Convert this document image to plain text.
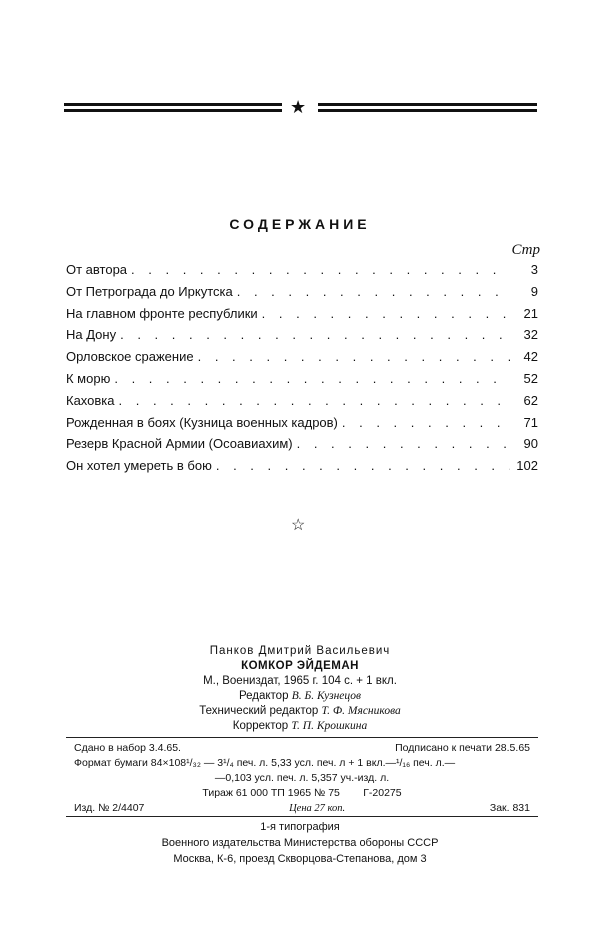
★
СОДЕРЖАНИЕ
Стр
От автора . . .	3
От Петрограда до Иркутска . . .	9
На главном фронте республики . . .	21
На Дону . . .	32
Орловское сражение . . .	42
К морю . . .	52
Каховка . . .	62
Рожденная в боях (Кузница военных кадров) . . .	71
Резерв Красной Армии (Осоавиахим) . . .	90
Он хотел умереть в бою . . .	102
☆
Панков Дмитрий Васильевич
КОМКОР ЭЙДЕМАН
М., Воениздат, 1965 г. 104 с. + 1 вкл.
Редактор В. Б. Кузнецов
Технический редактор Т. Ф. Мясникова
Корректор Т. П. Крошкина
Сдано в набор 3.4.65.	Подписано к печати 28.5.65
Формат бумаги 84×108¹/₃₂ — 3¹/₄ печ. л. 5,33 усл. печ. л + 1 вкл.—¹/₁₆ печ. л.—
—0,103 усл. печ. л. 5,357 уч.-изд. л.
Тираж 61 000 ТП 1965 № 75 Г-20275
Изд. № 2/4407	Цена 27 коп.	Зак. 831
1-я типография
Военного издательства Министерства обороны СССР
Москва, К-6, проезд Скворцова-Степанова, дом 3
